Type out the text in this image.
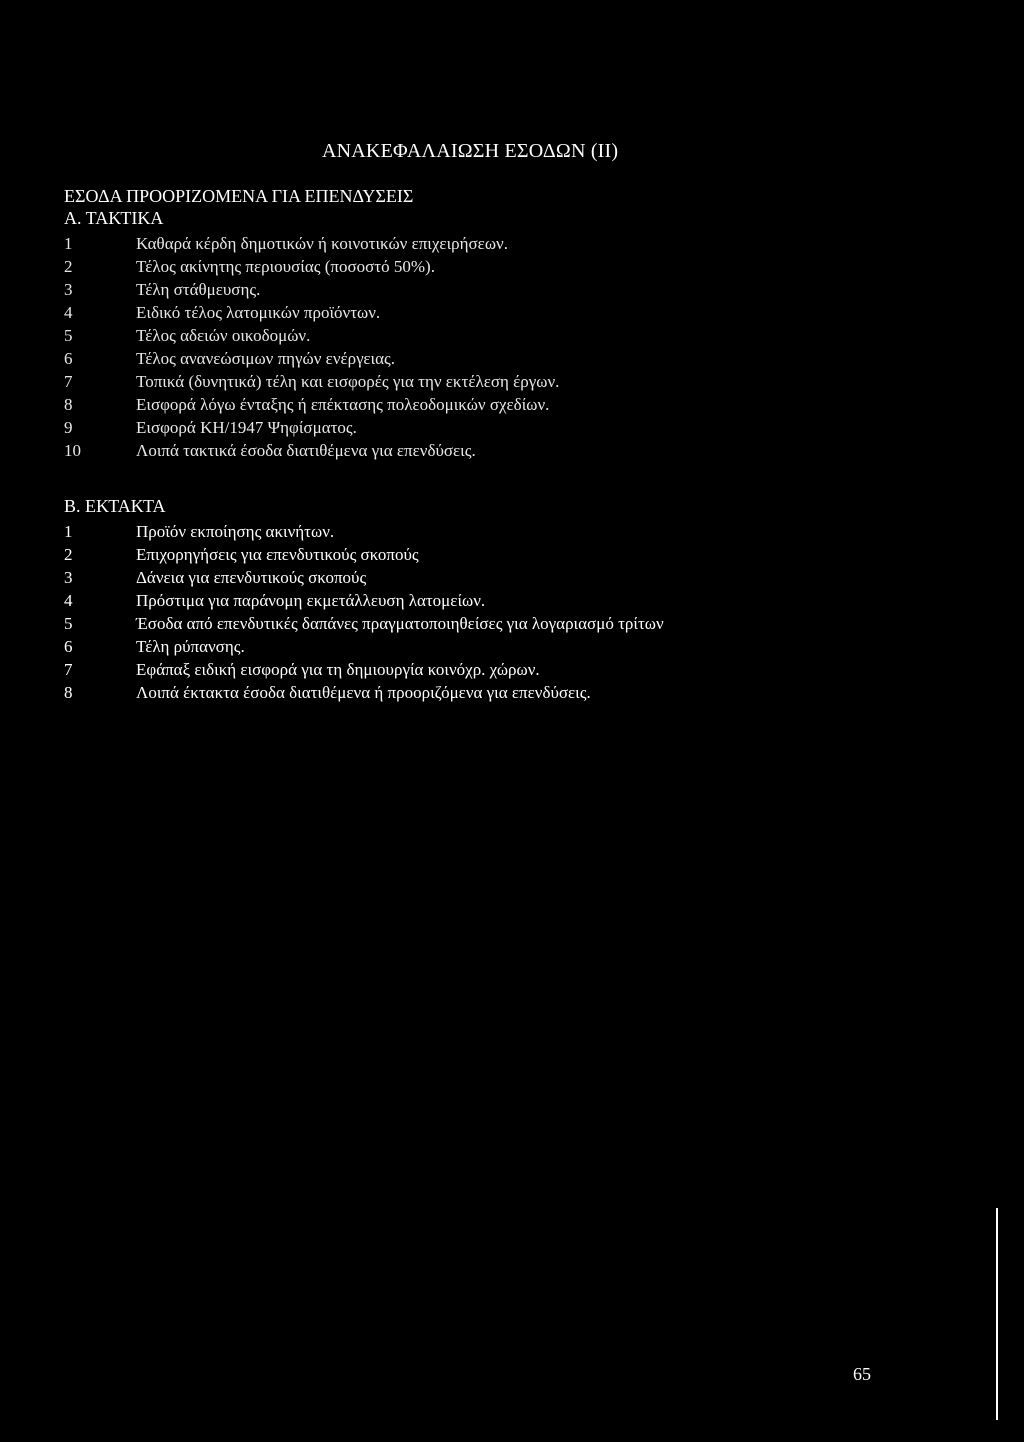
ΑΝΑΚΕΦΑΛΑΙΩΣΗ ΕΣΟΔΩΝ (ΙΙ)
ΕΣΟΔΑ ΠΡΟΟΡΙΖΟΜΕΝΑ ΓΙΑ ΕΠΕΝΔΥΣΕΙΣ
Α. ΤΑΚΤΙΚΑ
1	Καθαρά κέρδη δημοτικών ή κοινοτικών επιχειρήσεων.
2	Τέλος ακίνητης περιουσίας (ποσοστό 50%).
3	Τέλη στάθμευσης.
4	Ειδικό τέλος λατομικών προϊόντων.
5	Τέλος αδειών οικοδομών.
6	Τέλος ανανεώσιμων πηγών ενέργειας.
7	Τοπικά (δυνητικά) τέλη και εισφορές για την εκτέλεση έργων.
8	Εισφορά λόγω ένταξης ή επέκτασης πολεοδομικών σχεδίων.
9	Εισφορά ΚΗ/1947 Ψηφίσματος.
10	Λοιπά τακτικά έσοδα διατιθέμενα για επενδύσεις.
Β. ΕΚΤΑΚΤΑ
1	Προϊόν εκποίησης ακινήτων.
2	Επιχορηγήσεις για επενδυτικούς σκοπούς
3	Δάνεια για επενδυτικούς σκοπούς
4	Πρόστιμα για παράνομη εκμετάλλευση λατομείων.
5	Έσοδα από επενδυτικές δαπάνες πραγματοποιηθείσες για λογαριασμό τρίτων
6	Τέλη ρύπανσης.
7	Εφάπαξ ειδική εισφορά για τη δημιουργία κοινόχρ. χώρων.
8	Λοιπά έκτακτα έσοδα διατιθέμενα ή προοριζόμενα για επενδύσεις.
65
